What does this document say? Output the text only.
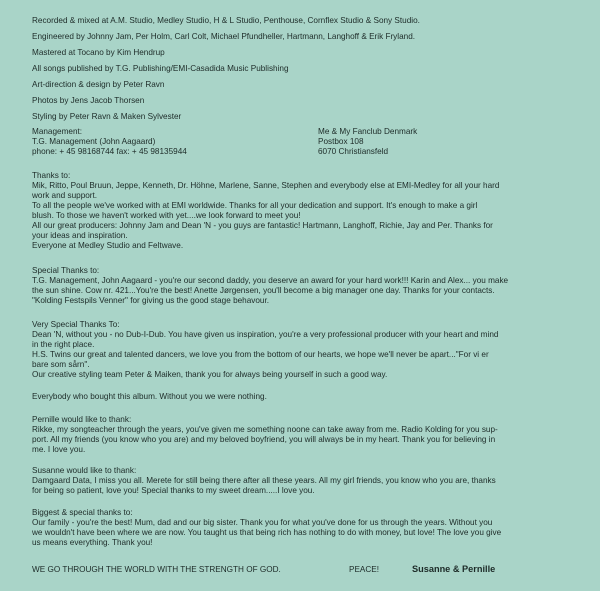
Recorded & mixed at A.M. Studio, Medley Studio, H & L Studio, Penthouse, Cornflex Studio & Sony Studio.
Engineered by Johnny Jam, Per Holm, Carl Colt, Michael Pfundheller, Hartmann, Langhoff & Erik Fryland.
Mastered at Tocano by Kim Hendrup
All songs published by T.G. Publishing/EMI-Casadida Music Publishing
Art-direction & design by Peter Ravn
Photos by Jens Jacob Thorsen
Styling by Peter Ravn & Maken Sylvester
Management:
T.G. Management (John Aagaard)
phone: + 45 98168744 fax: + 45 98135944
Me & My Fanclub Denmark
Postbox 108
6070 Christiansfeld
Thanks to:
Mik, Ritto, Poul Bruun, Jeppe, Kenneth, Dr. Höhne, Marlene, Sanne, Stephen and everybody else at EMI-Medley for all your hard
work and support.
To all the people we've worked with at EMI worldwide. Thanks for all your dedication and support. It's enough to make a girl
blush. To those we haven't worked with yet....we look forward to meet you!
All our great producers: Johnny Jam and Dean 'N - you guys are fantastic! Hartmann, Langhoff, Richie, Jay and Per. Thanks for
your ideas and inspiration.
Everyone at Medley Studio and Feltwave.
Special Thanks to:
T.G. Management, John Aagaard - you're our second daddy, you deserve an award for your hard work!!! Karin and Alex... you make
the sun shine. Cow nr. 421...You're the best! Anette Jørgensen, you'll become a big manager one day. Thanks for your contacts.
"Kolding Festspils Venner" for giving us the good stage behavour.
Very Special Thanks To:
Dean 'N, without you - no Dub-I-Dub. You have given us inspiration, you're a very professional producer with your heart and mind
in the right place.
H.S. Twins our great and talented dancers, we love you from the bottom of our hearts, we hope we'll never be apart..."For vi er
bare som sårn".
Our creative styling team Peter & Maiken, thank you for always being yourself in such a good way.
Everybody who bought this album. Without you we were nothing.
Pernille would like to thank:
Rikke, my songteacher through the years, you've given me something noone can take away from me. Radio Kolding for you sup-
port. All my friends (you know who you are) and my beloved boyfriend, you will always be in my heart. Thank you for believing in
me. I love you.
Susanne would like to thank:
Damgaard Data, I miss you all. Merete for still being there after all these years. All my girl friends, you know who you are, thanks
for being so patient, love you! Special thanks to my sweet dream.....I love you.
Biggest & special thanks to:
Our family - you're the best! Mum, dad and our big sister. Thank you for what you've done for us through the years. Without you
we wouldn't have been where we are now. You taught us that being rich has nothing to do with money, but love! The love you give
us means everything. Thank you!
WE GO THROUGH THE WORLD WITH THE STRENGTH OF GOD.	PEACE!	Susanne & Pernille
